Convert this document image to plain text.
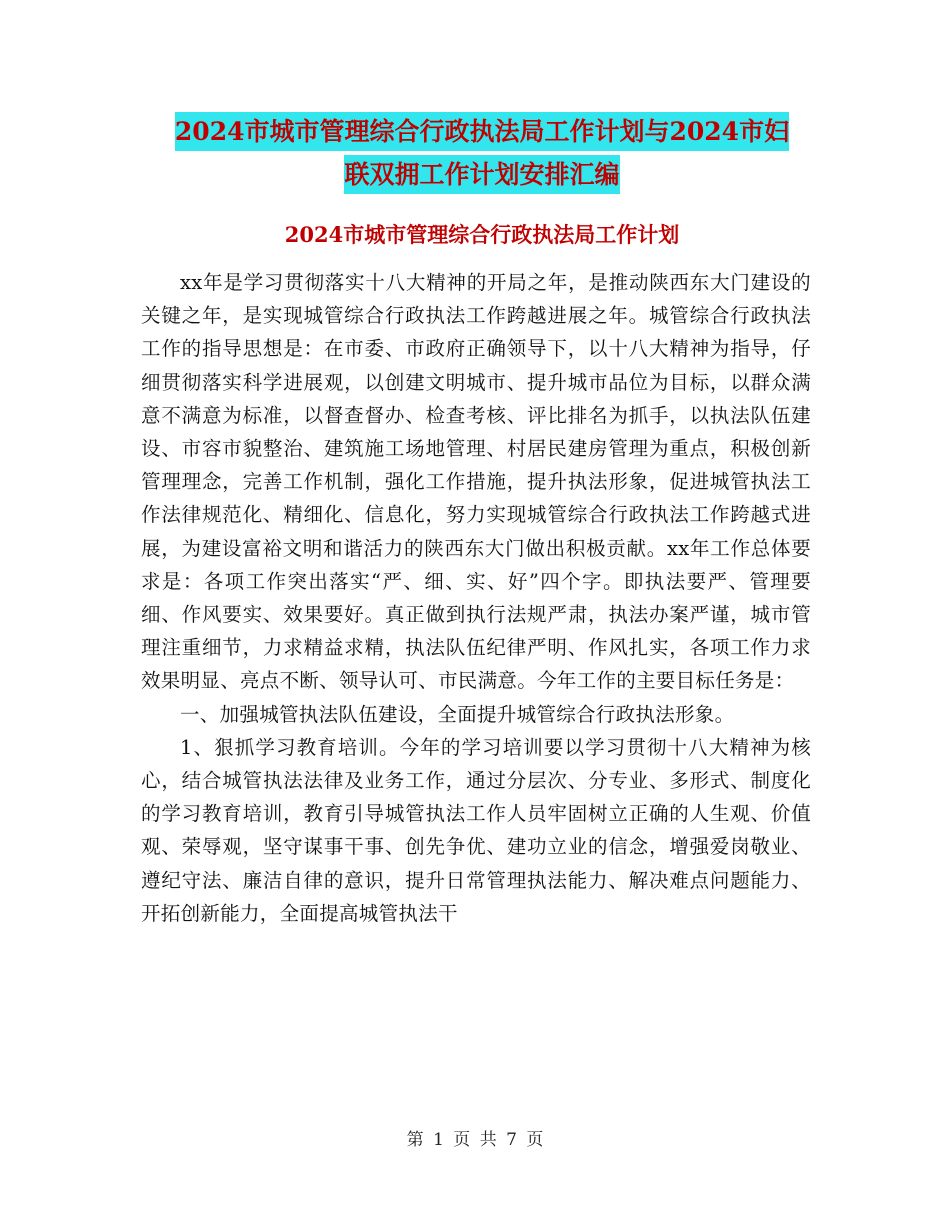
2024市城市管理综合行政执法局工作计划与2024市妇
联双拥工作计划安排汇编
2024市城市管理综合行政执法局工作计划

xx年是学习贯彻落实十八大精神的开局之年，是推动陕西东大门建设的关键之年，是实现城管综合行政执法工作跨越进展之年。城管综合行政执法工作的指导思想是：在市委、市政府正确领导下，以十八大精神为指导，仔细贯彻落实科学进展观，以创建文明城市、提升城市品位为目标，以群众满意不满意为标准，以督查督办、检查考核、评比排名为抓手，以执法队伍建设、市容市貌整治、建筑施工场地管理、村居民建房管理为重点，积极创新管理理念，完善工作机制，强化工作措施，提升执法形象，促进城管执法工作法律规范化、精细化、信息化，努力实现城管综合行政执法工作跨越式进展，为建设富裕文明和谐活力的陕西东大门做出积极贡献。xx年工作总体要求是：各项工作突出落实“严、细、实、好”四个字。即执法要严、管理要细、作风要实、效果要好。真正做到执行法规严肃，执法办案严谨，城市管理注重细节，力求精益求精，执法队伍纪律严明、作风扎实，各项工作力求效果明显、亮点不断、领导认可、市民满意。今年工作的主要目标任务是：

一、加强城管执法队伍建设，全面提升城管综合行政执法形象。

1、狠抓学习教育培训。今年的学习培训要以学习贯彻十八大精神为核心，结合城管执法法律及业务工作，通过分层次、分专业、多形式、制度化的学习教育培训，教育引导城管执法工作人员牢固树立正确的人生观、价值观、荣辱观，坚守谋事干事、创先争优、建功立业的信念，增强爱岗敬业、遵纪守法、廉洁自律的意识，提升日常管理执法能力、解决难点问题能力、开拓创新能力，全面提高城管执法干

第 1 页 共 7 页
